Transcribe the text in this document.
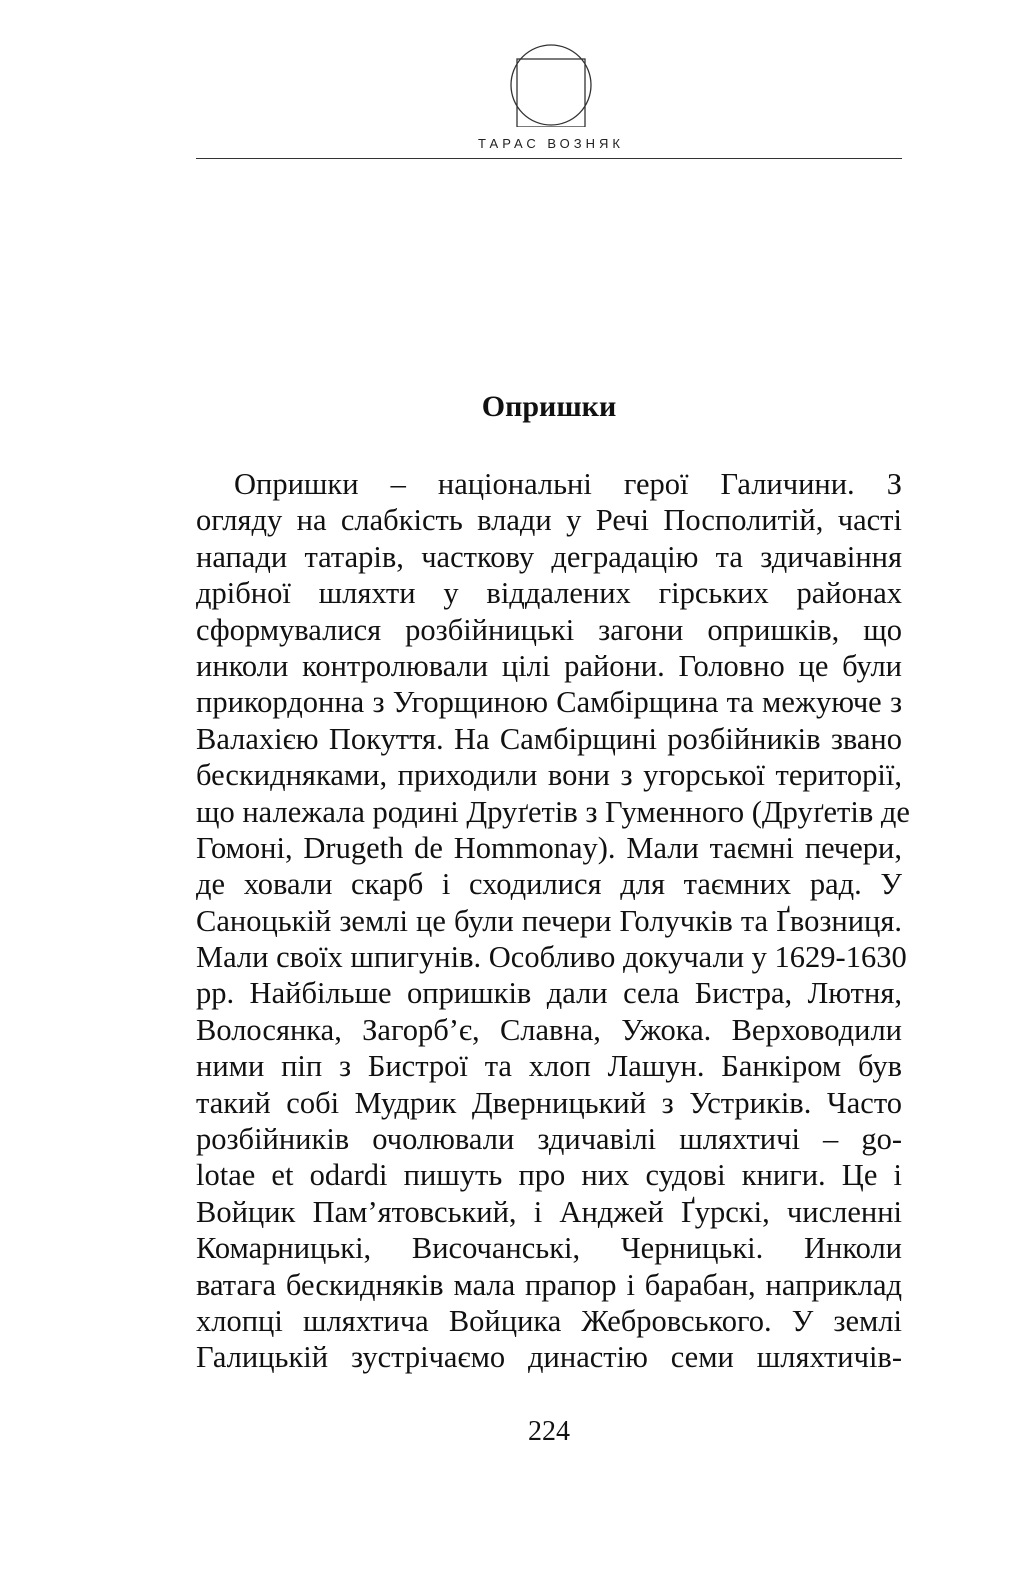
ТАРАС ВОЗНЯК
Опришки
Опришки – національні герої Галичини. З
огляду на слабкість влади у Речі Посполитій, часті
напади татарів, часткову деградацію та здичавіння
дрібної шляхти у віддалених гірських районах
сформувалися розбійницькі загони опришків, що
инколи контролювали цілі райони. Головно це були
прикордонна з Угорщиною Самбірщина та межуюче з
Валахією Покуття. На Самбірщині розбійників звано
бескидняками, приходили вони з угорської території,
що належала родині Друґетів з Гуменного (Друґетів де
Гомоні, Drugeth de Hommonay). Мали таємні печери,
де ховали скарб і сходилися для таємних рад. У
Саноцькій землі це були печери Голучків та Ґвозниця.
Мали своїх шпигунів. Особливо докучали у 1629-1630
рр. Найбільше опришків дали села Бистра, Лютня,
Волосянка, Загорб’є, Славна, Ужока. Верховодили
ними піп з Бистрої та хлоп Лашун. Банкіром був
такий собі Мудрик Дверницький з Устриків. Часто
розбійників очолювали здичавілі шляхтичі – go-
lotae et odardi пишуть про них судові книги. Це і
Войцик Пам’ятовський, і Анджей Ґурскі, численні
Комарницькі, Височанські, Черницькі. Инколи
ватага бескидняків мала прапор і барабан, наприклад
хлопці шляхтича Войцика Жебровського. У землі
Галицькій зустрічаємо династію семи шляхтичів-
224
